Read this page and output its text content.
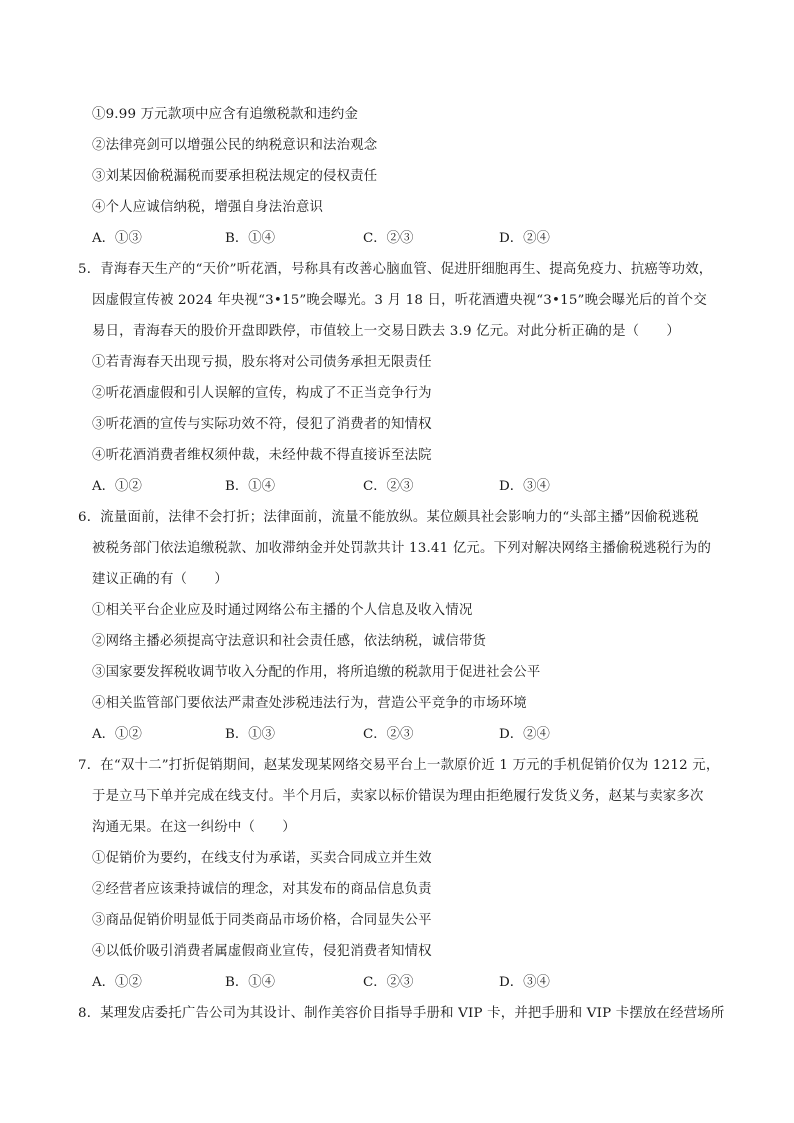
①9.99 万元款项中应含有追缴税款和违约金
②法律亮剑可以增强公民的纳税意识和法治观念
③刘某因偷税漏税而要承担税法规定的侵权责任
④个人应诚信纳税，增强自身法治意识
A．①③	B．①④	C．②③	D．②④
5．青海春天生产的“天价”听花酒，号称具有改善心脑血管、促进肝细胞再生、提高免疫力、抗癌等功效，
因虚假宣传被 2024 年央视“3•15”晚会曝光。3 月 18 日，听花酒遭央视“3•15”晚会曝光后的首个交
易日，青海春天的股价开盘即跌停，市值较上一交易日跌去 3.9 亿元。对此分析正确的是（　　）
①若青海春天出现亏损，股东将对公司债务承担无限责任
②听花酒虚假和引人误解的宣传，构成了不正当竞争行为
③听花酒的宣传与实际功效不符，侵犯了消费者的知情权
④听花酒消费者维权须仲裁，未经仲裁不得直接诉至法院
A．①②	B．①④	C．②③	D．③④
6．流量面前，法律不会打折；法律面前，流量不能放纵。某位颇具社会影响力的“头部主播”因偷税逃税
被税务部门依法追缴税款、加收滞纳金并处罚款共计 13.41 亿元。下列对解决网络主播偷税逃税行为的
建议正确的有（　　）
①相关平台企业应及时通过网络公布主播的个人信息及收入情况
②网络主播必须提高守法意识和社会责任感，依法纳税，诚信带货
③国家要发挥税收调节收入分配的作用，将所追缴的税款用于促进社会公平
④相关监管部门要依法严肃查处涉税违法行为，营造公平竞争的市场环境
A．①②	B．①③	C．②③	D．②④
7．在“双十二”打折促销期间，赵某发现某网络交易平台上一款原价近 1 万元的手机促销价仅为 1212 元，
于是立马下单并完成在线支付。半个月后，卖家以标价错误为理由拒绝履行发货义务，赵某与卖家多次
沟通无果。在这一纠纷中（　　）
①促销价为要约，在线支付为承诺，买卖合同成立并生效
②经营者应该秉持诚信的理念，对其发布的商品信息负责
③商品促销价明显低于同类商品市场价格，合同显失公平
④以低价吸引消费者属虚假商业宣传，侵犯消费者知情权
A．①②	B．①④	C．②③	D．③④
8．某理发店委托广告公司为其设计、制作美容价目指导手册和 VIP 卡，并把手册和 VIP 卡摆放在经营场所
